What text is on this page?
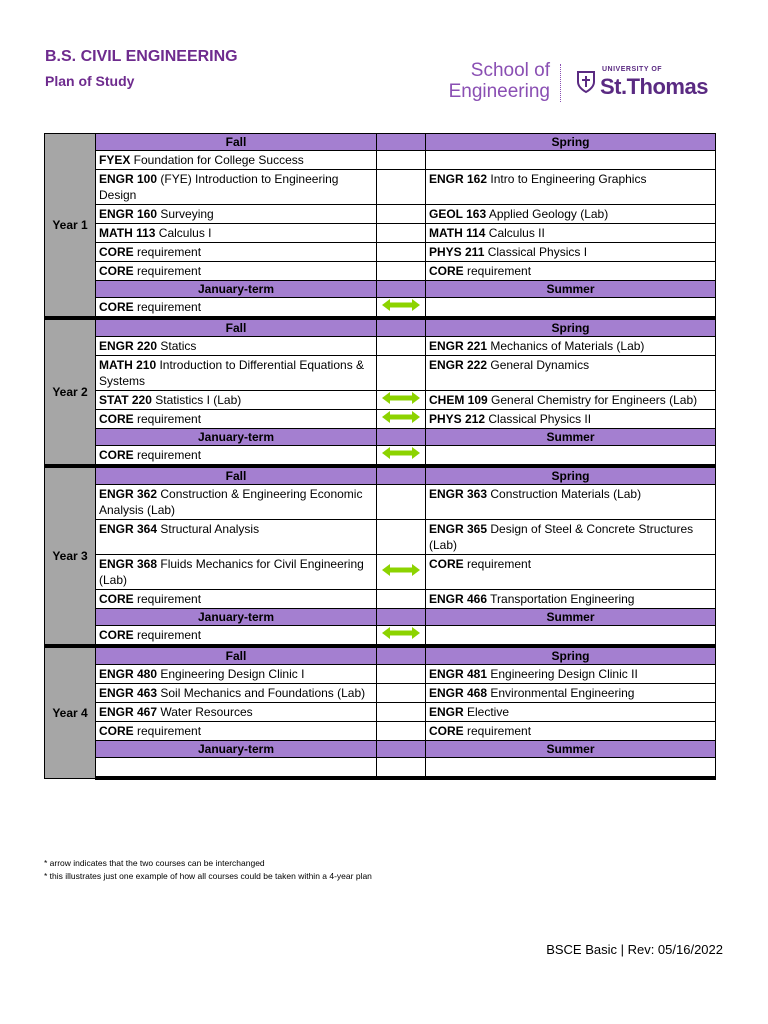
B.S. CIVIL ENGINEERING
Plan of Study	School of
Engineering
UNIVERSITY OF
St.Thomas
Year 1	Fall		Spring
	FYEX Foundation for College Success		
	ENGR 100 (FYE) Introduction to Engineering Design		ENGR 162 Intro to Engineering Graphics
	ENGR 160 Surveying		GEOL 163 Applied Geology (Lab)
	MATH 113 Calculus I		MATH 114 Calculus II
	CORE requirement		PHYS 211 Classical Physics I
	CORE requirement		CORE requirement
	January-term		Summer
	CORE requirement		
Year 2	Fall		Spring
	ENGR 220 Statics		ENGR 221 Mechanics of Materials (Lab)
	MATH 210 Introduction to Differential Equations & Systems		ENGR 222 General Dynamics
	STAT 220 Statistics I (Lab)		CHEM 109 General Chemistry for Engineers (Lab)
	CORE requirement		PHYS 212 Classical Physics II
	January-term		Summer
	CORE requirement		
Year 3	Fall		Spring
	ENGR 362 Construction & Engineering Economic Analysis (Lab)		ENGR 363 Construction Materials (Lab)
	ENGR 364 Structural Analysis		ENGR 365 Design of Steel & Concrete Structures (Lab)
	ENGR 368 Fluids Mechanics for Civil Engineering (Lab)		CORE requirement
	CORE requirement		ENGR 466 Transportation Engineering
	January-term		Summer
	CORE requirement		
Year 4	Fall		Spring
	ENGR 480 Engineering Design Clinic I		ENGR 481 Engineering Design Clinic II
	ENGR 463 Soil Mechanics and Foundations (Lab)		ENGR 468 Environmental Engineering
	ENGR 467 Water Resources		ENGR Elective
	CORE requirement		CORE requirement
	January-term		Summer

* arrow indicates that the two courses can be interchanged
* this illustrates just one example of how all courses could be taken within a 4-year plan
BSCE Basic | Rev: 05/16/2022
